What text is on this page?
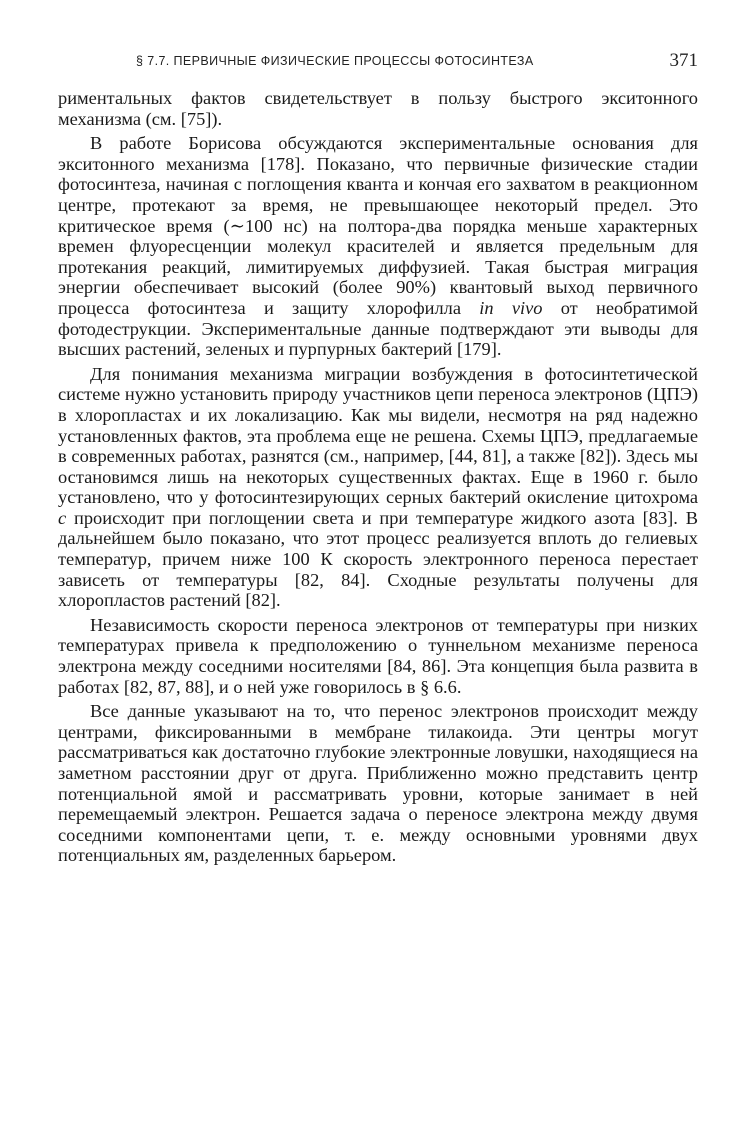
§ 7.7. ПЕРВИЧНЫЕ ФИЗИЧЕСКИЕ ПРОЦЕССЫ ФОТОСИНТЕЗА	371

риментальных фактов свидетельствует в пользу быстрого экситонного механизма (см. [75]).

В работе Борисова обсуждаются экспериментальные основания для экситонного механизма [178]. Показано, что первичные физические стадии фотосинтеза, начиная с поглощения кванта и кончая его захватом в реакционном центре, протекают за время, не превышающее некоторый предел. Это критическое время (∼100 нс) на полтора-два порядка меньше характерных времен флуоресценции молекул красителей и является предельным для протекания реакций, лимитируемых диффузией. Такая быстрая миграция энергии обеспечивает высокий (более 90%) квантовый выход первичного процесса фотосинтеза и защиту хлорофилла in vivo от необратимой фотодеструкции. Экспериментальные данные подтверждают эти выводы для высших растений, зеленых и пурпурных бактерий [179].

Для понимания механизма миграции возбуждения в фотосинтетической системе нужно установить природу участников цепи переноса электронов (ЦПЭ) в хлоропластах и их локализацию. Как мы видели, несмотря на ряд надежно установленных фактов, эта проблема еще не решена. Схемы ЦПЭ, предлагаемые в современных работах, разнятся (см., например, [44, 81], а также [82]). Здесь мы остановимся лишь на некоторых существенных фактах. Еще в 1960 г. было установлено, что у фотосинтезирующих серных бактерий окисление цитохрома c происходит при поглощении света и при температуре жидкого азота [83]. В дальнейшем было показано, что этот процесс реализуется вплоть до гелиевых температур, причем ниже 100 К скорость электронного переноса перестает зависеть от температуры [82, 84]. Сходные результаты получены для хлоропластов растений [82].

Независимость скорости переноса электронов от температуры при низких температурах привела к предположению о туннельном механизме переноса электрона между соседними носителями [84, 86]. Эта концепция была развита в работах [82, 87, 88], и о ней уже говорилось в § 6.6.

Все данные указывают на то, что перенос электронов происходит между центрами, фиксированными в мембране тилакоида. Эти центры могут рассматриваться как достаточно глубокие электронные ловушки, находящиеся на заметном расстоянии друг от друга. Приближенно можно представить центр потенциальной ямой и рассматривать уровни, которые занимает в ней перемещаемый электрон. Решается задача о переносе электрона между двумя соседними компонентами цепи, т. е. между основными уровнями двух потенциальных ям, разделенных барьером.
